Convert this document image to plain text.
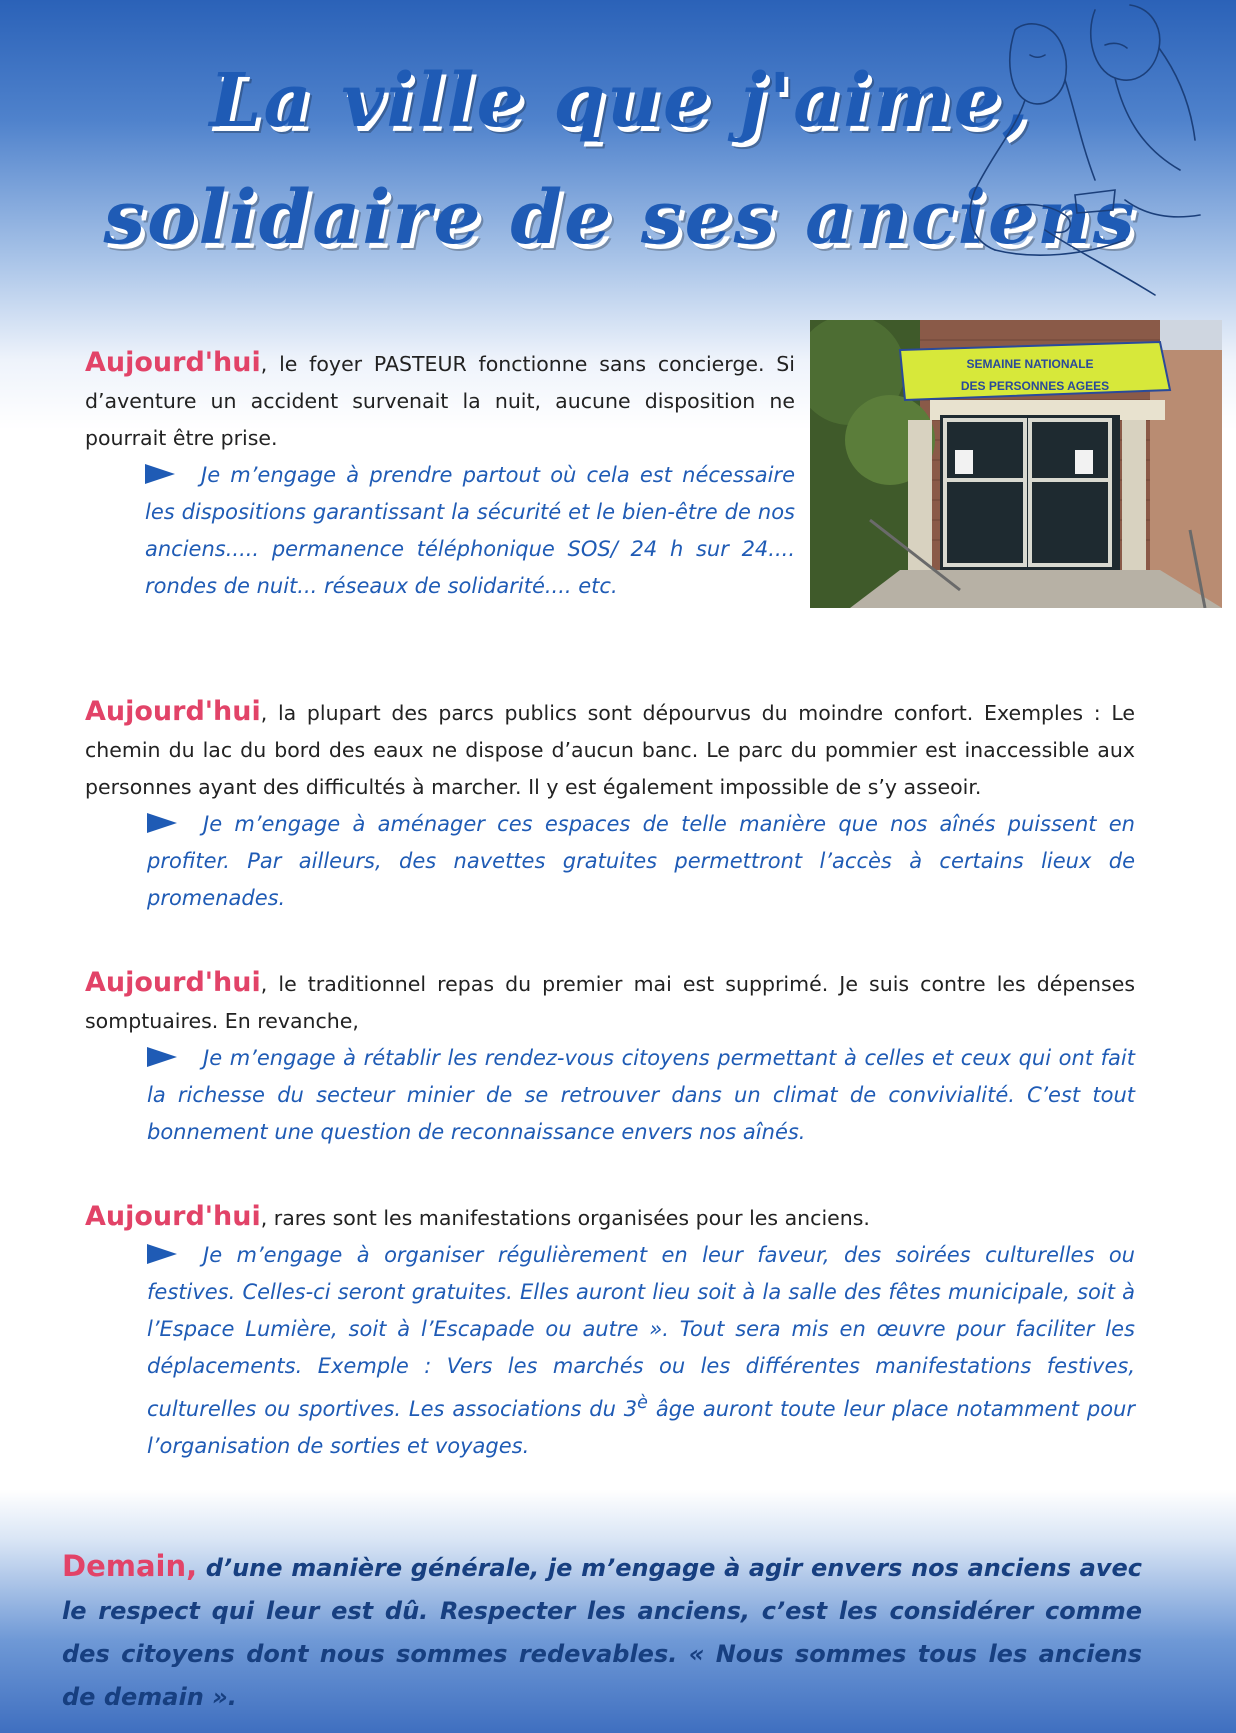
La ville que j'aime,
solidaire de ses anciens
SEMAINE NATIONALE
DES PERSONNES AGEES
Aujourd'hui, le foyer PASTEUR fonctionne sans concierge. Si d’aventure un accident survenait la nuit, aucune disposition ne pourrait être prise.
Je m’engage à prendre partout où cela est nécessaire les dispositions garantissant la sécurité et le bien-être de nos anciens..... permanence téléphonique SOS/ 24 h sur 24.... rondes de nuit... réseaux de solidarité.... etc.
Aujourd'hui, la plupart des parcs publics sont dépourvus du moindre confort. Exemples : Le chemin du lac du bord des eaux ne dispose d’aucun banc. Le parc du pommier est inaccessible aux personnes ayant des difficultés à marcher. Il y est également impossible de s’y asseoir.
Je m’engage à aménager ces espaces de telle manière que nos aînés puissent en profiter. Par ailleurs, des navettes gratuites permettront l’accès à certains lieux de promenades.
Aujourd'hui, le traditionnel repas du premier mai est supprimé. Je suis contre les dépenses somptuaires. En revanche,
Je m’engage à rétablir les rendez-vous citoyens permettant à celles et ceux qui ont fait la richesse du secteur minier de se retrouver dans un climat de convivialité. C’est tout bonnement une question de reconnaissance envers nos aînés.
Aujourd'hui, rares sont les manifestations organisées pour les anciens.
Je m’engage à organiser régulièrement en leur faveur, des soirées culturelles ou festives. Celles-ci seront gratuites. Elles auront lieu soit à la salle des fêtes municipale, soit à l’Espace Lumière, soit à l’Escapade ou autre ». Tout sera mis en œuvre pour faciliter les déplacements. Exemple : Vers les marchés ou les différentes manifestations festives, culturelles ou sportives. Les associations du $3^è$ âge auront toute leur place notamment pour l’organisation de sorties et voyages.
Demain, d’une manière générale, je m’engage à agir envers nos anciens avec le respect qui leur est dû. Respecter les anciens, c’est les considérer comme des citoyens dont nous sommes redevables. « Nous sommes tous les anciens de demain ».
